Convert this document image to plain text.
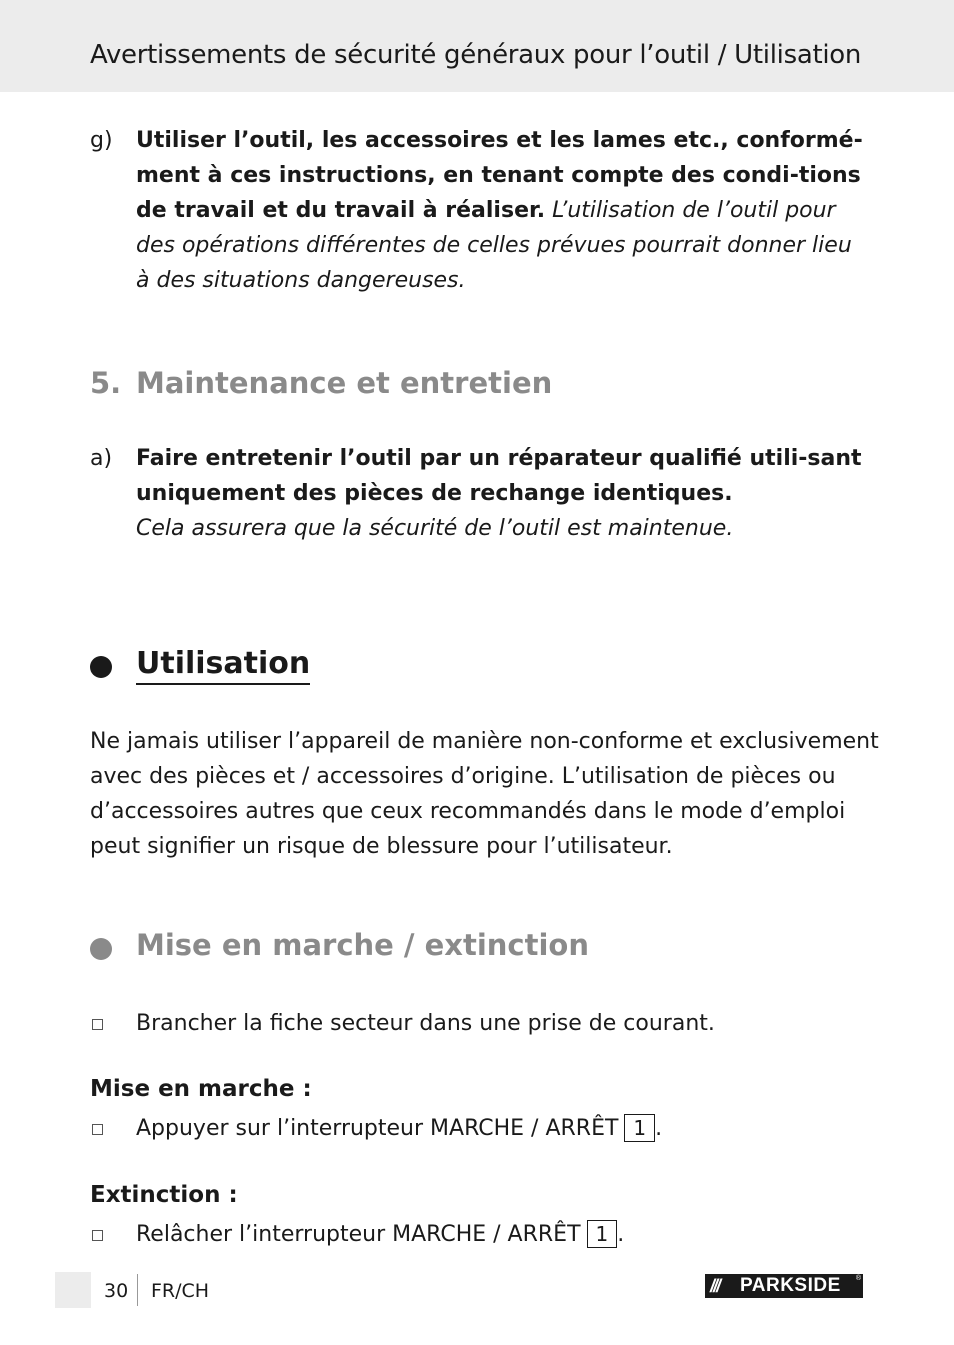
Avertissements de sécurité généraux pour l’outil / Utilisation
g) Utiliser l’outil, les accessoires et les lames etc., conformé-ment à ces instructions, en tenant compte des condi-tions de travail et du travail à réaliser. L’utilisation de l’outil pour des opérations différentes de celles prévues pourrait donner lieu à des situations dangereuses.
5. Maintenance et entretien
a) Faire entretenir l’outil par un réparateur qualifié utili-sant uniquement des pièces de rechange identiques.
Cela assurera que la sécurité de l’outil est maintenue.
Utilisation
Ne jamais utiliser l’appareil de manière non-conforme et exclusivement avec des pièces et / accessoires d’origine. L’utilisation de pièces ou d’accessoires autres que ceux recommandés dans le mode d’emploi peut signifier un risque de blessure pour l’utilisateur.
Mise en marche / extinction
Brancher la fiche secteur dans une prise de courant.
Mise en marche :
Appuyer sur l’interrupteur MARCHE / ARRÊT 1 .
Extinction :
Relâcher l’interrupteur MARCHE / ARRÊT 1 .
30 FR/CH	///	PARKSIDE ®
